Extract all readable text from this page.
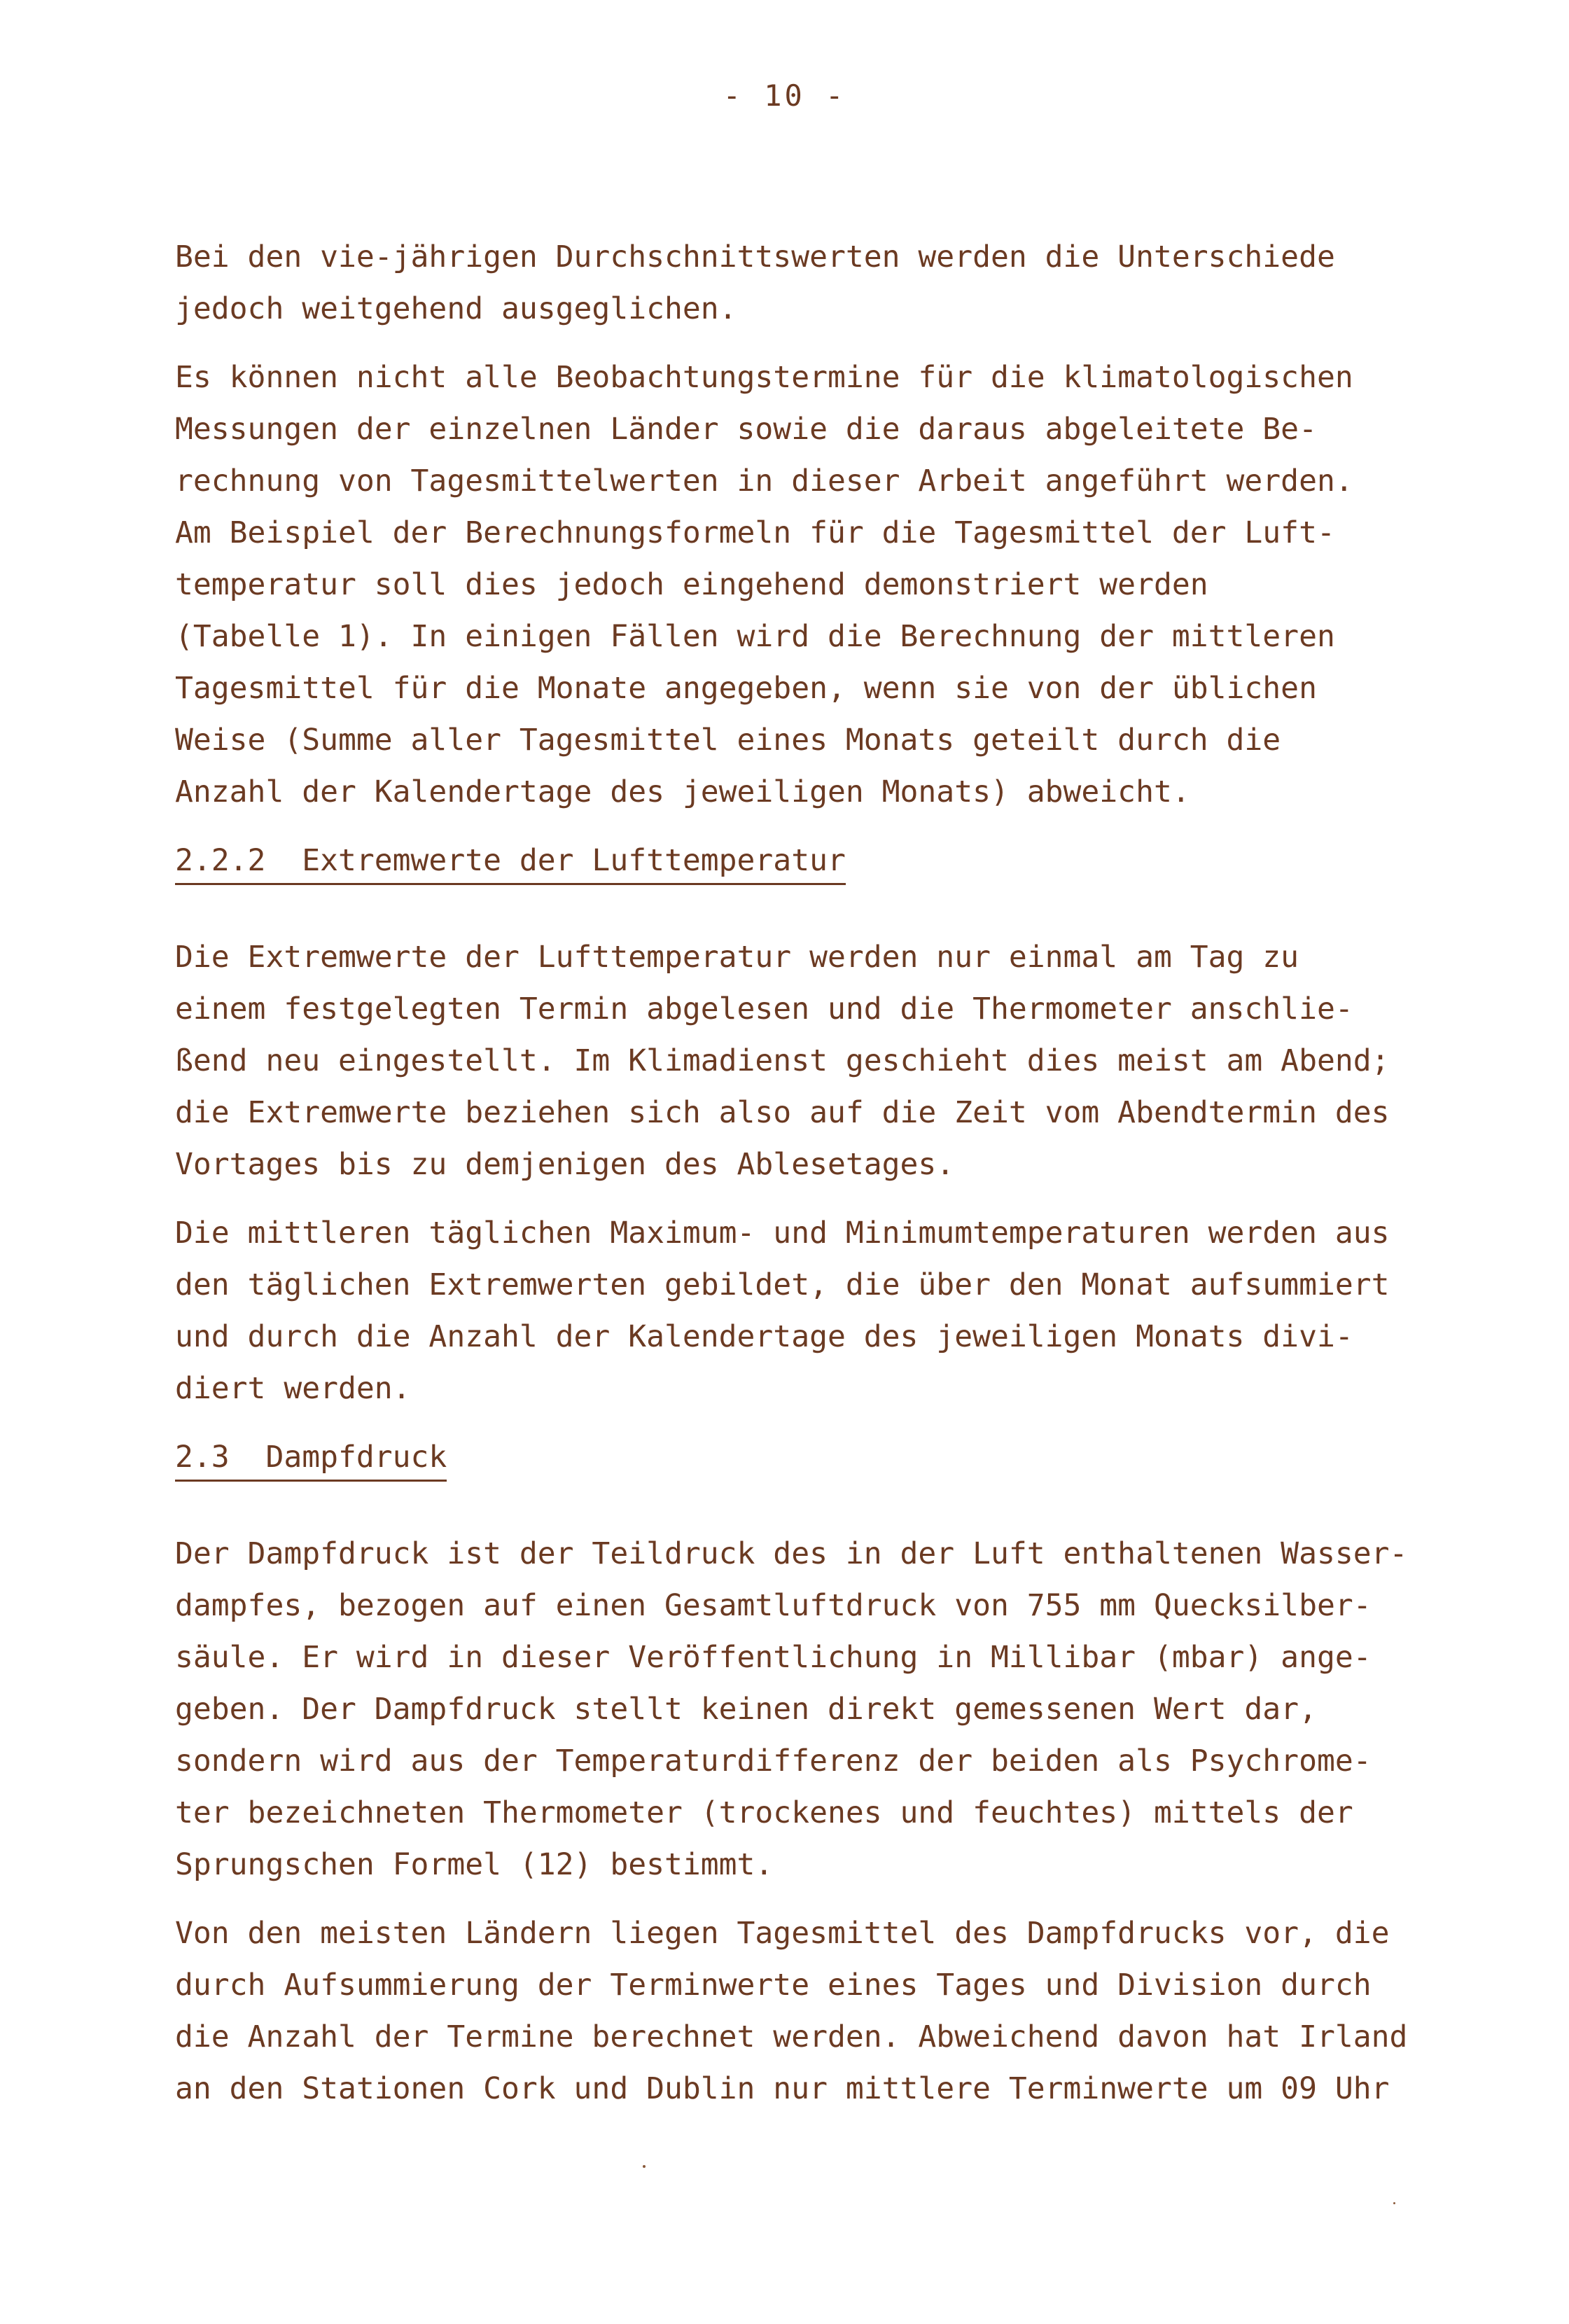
- 10 -
Bei den vie‐jährigen Durchschnittswerten werden die Unterschiede
jedoch weitgehend ausgeglichen.
Es können nicht alle Beobachtungstermine für die klimatologischen
Messungen der einzelnen Länder sowie die daraus abgeleitete Be-
rechnung von Tagesmittelwerten in dieser Arbeit angeführt werden.
Am Beispiel der Berechnungsformeln für die Tagesmittel der Luft-
temperatur soll dies jedoch eingehend demonstriert werden
(Tabelle 1). In einigen Fällen wird die Berechnung der mittleren
Tagesmittel für die Monate angegeben, wenn sie von der üblichen
Weise (Summe aller Tagesmittel eines Monats geteilt durch die
Anzahl der Kalendertage des jeweiligen Monats) abweicht.
2.2.2  Extremwerte der Lufttemperatur
Die Extremwerte der Lufttemperatur werden nur einmal am Tag zu
einem festgelegten Termin abgelesen und die Thermometer anschlie-
ßend neu eingestellt. Im Klimadienst geschieht dies meist am Abend;
die Extremwerte beziehen sich also auf die Zeit vom Abendtermin des
Vortages bis zu demjenigen des Ablesetages.
Die mittleren täglichen Maximum- und Minimumtemperaturen werden aus
den täglichen Extremwerten gebildet, die über den Monat aufsummiert
und durch die Anzahl der Kalendertage des jeweiligen Monats divi-
diert werden.
2.3  Dampfdruck
Der Dampfdruck ist der Teildruck des in der Luft enthaltenen Wasser-
dampfes, bezogen auf einen Gesamtluftdruck von 755 mm Quecksilber-
säule. Er wird in dieser Veröffentlichung in Millibar (mbar) ange-
geben. Der Dampfdruck stellt keinen direkt gemessenen Wert dar,
sondern wird aus der Temperaturdifferenz der beiden als Psychrome-
ter bezeichneten Thermometer (trockenes und feuchtes) mittels der
Sprungschen Formel (12) bestimmt.
Von den meisten Ländern liegen Tagesmittel des Dampfdrucks vor, die
durch Aufsummierung der Terminwerte eines Tages und Division durch
die Anzahl der Termine berechnet werden. Abweichend davon hat Irland
an den Stationen Cork und Dublin nur mittlere Terminwerte um 09 Uhr
